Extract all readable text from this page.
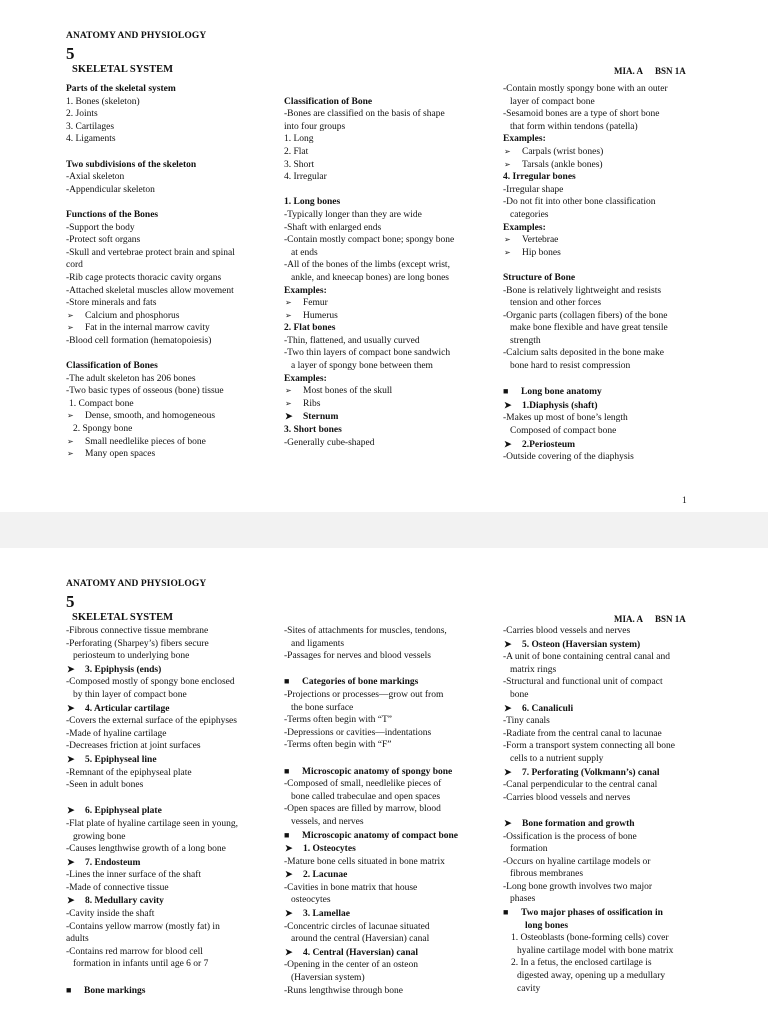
ANATOMY AND PHYSIOLOGY
5
SKELETAL SYSTEM	MIA. A BSN 1A
Parts of the skeletal system
1. Bones (skeleton)
2. Joints
3. Cartilages
4. Ligaments
Two subdivisions of the skeleton
-Axial skeleton
-Appendicular skeleton
Functions of the Bones
-Support the body
-Protect soft organs
-Skull and vertebrae protect brain and spinal
cord
-Rib cage protects thoracic cavity organs
-Attached skeletal muscles allow movement
-Store minerals and fats
➢ Calcium and phosphorus
➢ Fat in the internal marrow cavity
-Blood cell formation (hematopoiesis)
Classification of Bones
-The adult skeleton has 206 bones
-Two basic types of osseous (bone) tissue
1. Compact bone
➢ Dense, smooth, and homogeneous
2. Spongy bone
➢ Small needlelike pieces of bone
➢ Many open spaces
Classification of Bone
-Bones are classified on the basis of shape
into four groups
1. Long
2. Flat
3. Short
4. Irregular
1. Long bones
-Typically longer than they are wide
-Shaft with enlarged ends
-Contain mostly compact bone; spongy bone
at ends
-All of the bones of the limbs (except wrist,
ankle, and kneecap bones) are long bones
Examples:
➢ Femur
➢ Humerus
2. Flat bones
-Thin, flattened, and usually curved
-Two thin layers of compact bone sandwich
a layer of spongy bone between them
Examples:
➢ Most bones of the skull
➢ Ribs
➤ Sternum
3. Short bones
-Generally cube-shaped
-Contain mostly spongy bone with an outer
layer of compact bone
-Sesamoid bones are a type of short bone
that form within tendons (patella)
Examples:
➢ Carpals (wrist bones)
➢ Tarsals (ankle bones)
4. Irregular bones
-Irregular shape
-Do not fit into other bone classification
categories
Examples:
➢ Vertebrae
➢ Hip bones
Structure of Bone
-Bone is relatively lightweight and resists
tension and other forces
-Organic parts (collagen fibers) of the bone
make bone flexible and have great tensile
strength
-Calcium salts deposited in the bone make
bone hard to resist compression
■ Long bone anatomy
➤ 1.Diaphysis (shaft)
-Makes up most of bone’s length
Composed of compact bone
➤ 2.Periosteum
-Outside covering of the diaphysis
1
ANATOMY AND PHYSIOLOGY
5
SKELETAL SYSTEM	MIA. A BSN 1A
-Fibrous connective tissue membrane
-Perforating (Sharpey’s) fibers secure
periosteum to underlying bone
➤ 3. Epiphysis (ends)
-Composed mostly of spongy bone enclosed
by thin layer of compact bone
➤ 4. Articular cartilage
-Covers the external surface of the epiphyses
-Made of hyaline cartilage
-Decreases friction at joint surfaces
➤ 5. Epiphyseal line
-Remnant of the epiphyseal plate
-Seen in adult bones
➤ 6. Epiphyseal plate
-Flat plate of hyaline cartilage seen in young,
growing bone
-Causes lengthwise growth of a long bone
➤ 7. Endosteum
-Lines the inner surface of the shaft
-Made of connective tissue
➤ 8. Medullary cavity
-Cavity inside the shaft
-Contains yellow marrow (mostly fat) in
adults
-Contains red marrow for blood cell
formation in infants until age 6 or 7
■ Bone markings
-Sites of attachments for muscles, tendons,
and ligaments
-Passages for nerves and blood vessels
■ Categories of bone markings
-Projections or processes—grow out from
the bone surface
-Terms often begin with “T”
-Depressions or cavities—indentations
-Terms often begin with “F”
■ Microscopic anatomy of spongy bone
-Composed of small, needlelike pieces of
bone called trabeculae and open spaces
-Open spaces are filled by marrow, blood
vessels, and nerves
■ Microscopic anatomy of compact bone
➤ 1. Osteocytes
-Mature bone cells situated in bone matrix
➤ 2. Lacunae
-Cavities in bone matrix that house
osteocytes
➤ 3. Lamellae
-Concentric circles of lacunae situated
around the central (Haversian) canal
➤ 4. Central (Haversian) canal
-Opening in the center of an osteon
(Haversian system)
-Runs lengthwise through bone
-Carries blood vessels and nerves
➤ 5. Osteon (Haversian system)
-A unit of bone containing central canal and
matrix rings
-Structural and functional unit of compact
bone
➤ 6. Canaliculi
-Tiny canals
-Radiate from the central canal to lacunae
-Form a transport system connecting all bone
cells to a nutrient supply
➤ 7. Perforating (Volkmann’s) canal
-Canal perpendicular to the central canal
-Carries blood vessels and nerves
➤ Bone formation and growth
-Ossification is the process of bone
formation
-Occurs on hyaline cartilage models or
fibrous membranes
-Long bone growth involves two major
phases
■ Two major phases of ossification in
long bones
1. Osteoblasts (bone-forming cells) cover
hyaline cartilage model with bone matrix
2. In a fetus, the enclosed cartilage is
digested away, opening up a medullary
cavity
